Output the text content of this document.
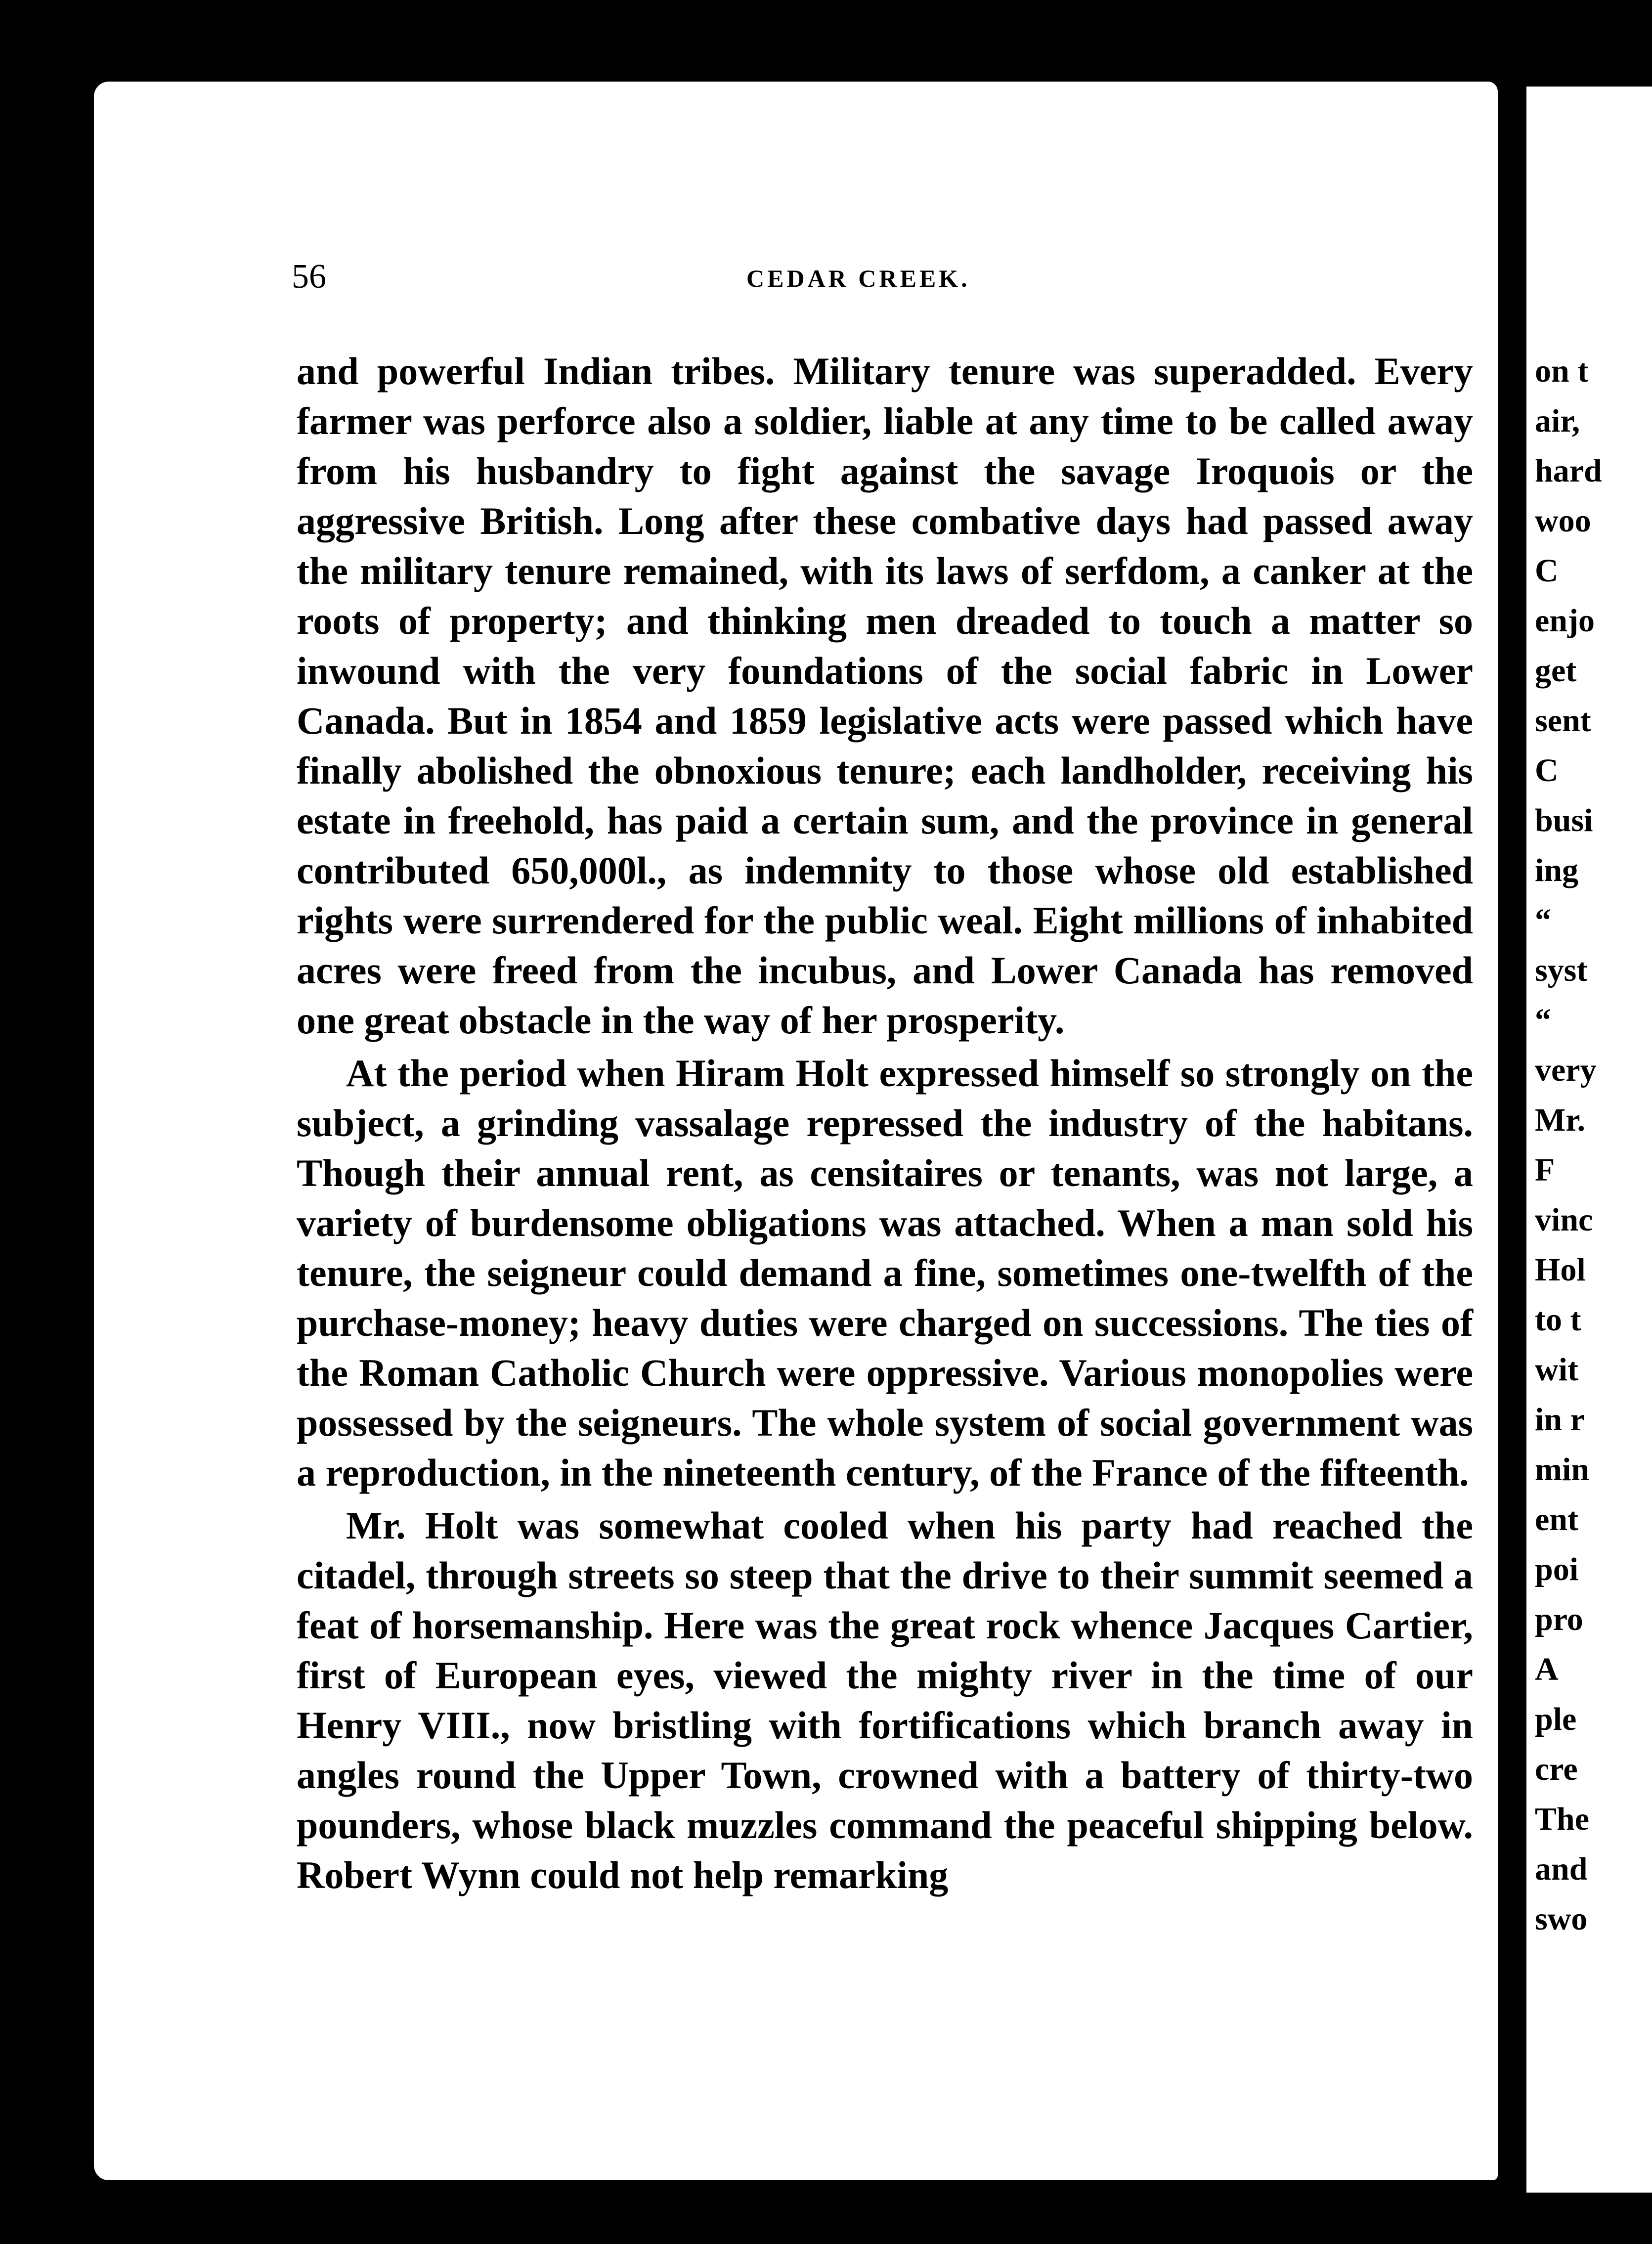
56	CEDAR CREEK.

and powerful Indian tribes. Military tenure was superadded. Every farmer was perforce also a soldier, liable at any time to be called away from his husbandry to fight against the savage Iroquois or the aggressive British. Long after these combative days had passed away the military tenure remained, with its laws of serfdom, a canker at the roots of property; and thinking men dreaded to touch a matter so inwound with the very foundations of the social fabric in Lower Canada. But in 1854 and 1859 legislative acts were passed which have finally abolished the obnoxious tenure; each landholder, receiving his estate in freehold, has paid a certain sum, and the province in general contributed 650,000l., as indemnity to those whose old established rights were surrendered for the public weal. Eight millions of inhabited acres were freed from the incubus, and Lower Canada has removed one great obstacle in the way of her prosperity.

At the period when Hiram Holt expressed himself so strongly on the subject, a grinding vassalage repressed the industry of the habitans. Though their annual rent, as censitaires or tenants, was not large, a variety of burdensome obligations was attached. When a man sold his tenure, the seigneur could demand a fine, sometimes one-twelfth of the purchase-money; heavy duties were charged on successions. The ties of the Roman Catholic Church were oppressive. Various monopolies were possessed by the seigneurs. The whole system of social government was a reproduction, in the nineteenth century, of the France of the fifteenth.

Mr. Holt was somewhat cooled when his party had reached the citadel, through streets so steep that the drive to their summit seemed a feat of horsemanship. Here was the great rock whence Jacques Cartier, first of European eyes, viewed the mighty river in the time of our Henry VIII., now bristling with fortifications which branch away in angles round the Upper Town, crowned with a battery of thirty-two pounders, whose black muzzles command the peaceful shipping below. Robert Wynn could not help remarking

on t
air,
hard
woo
C
enjo
get
sent
C
busi
ing
“
syst
“
very
Mr.
F
vinc
Hol
to t
wit
in r
min
ent
poi
pro
A
ple
cre
The
and
swo
